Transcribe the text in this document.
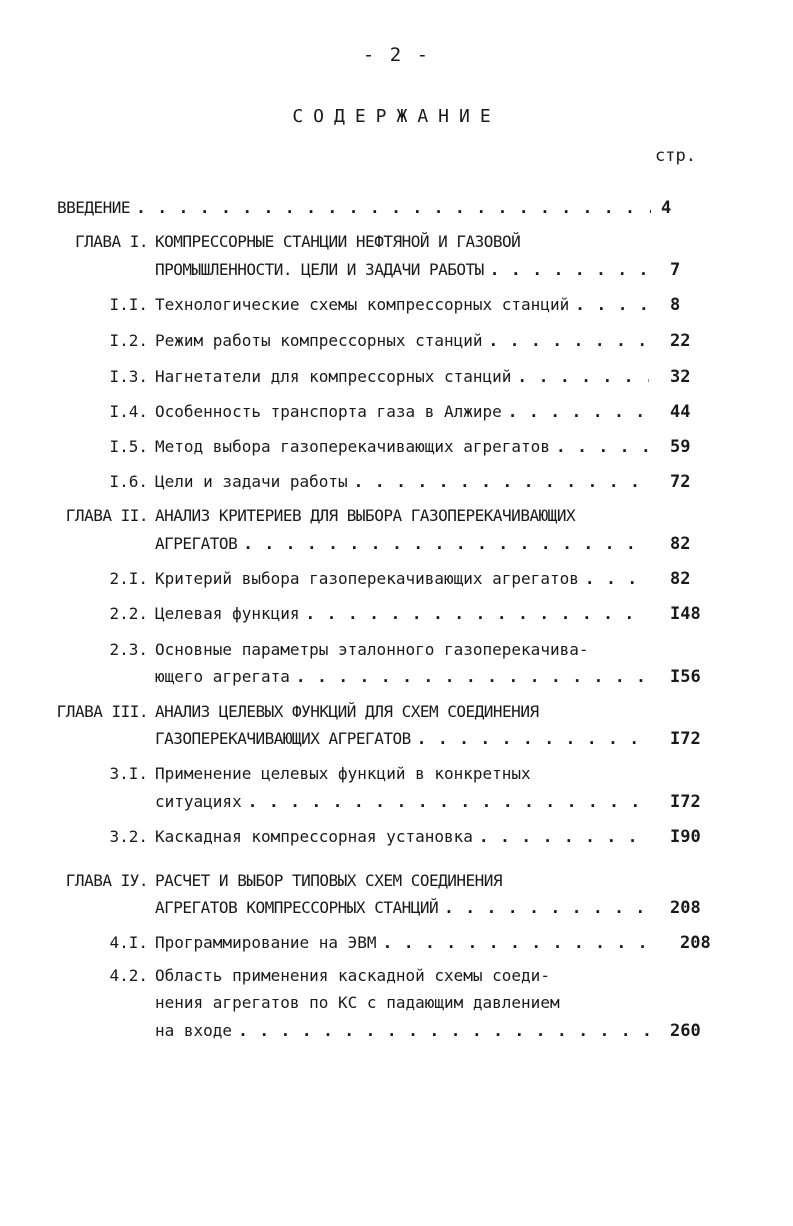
- 2 -
СОДЕРЖАНИЕ
стр.
ВВЕДЕНИЕ . . .	4
ГЛАВА I. КОМПРЕССОРНЫЕ СТАНЦИИ НЕФТЯНОЙ И ГАЗОВОЙ
ПРОМЫШЛЕННОСТИ. ЦЕЛИ И ЗАДАЧИ РАБОТЫ . . .	7
I.I. Технологические схемы компрессорных станций . . .	8
I.2. Режим работы компрессорных станций . . .	22
I.3. Нагнетатели для компрессорных станций . . .	32
I.4. Особенность транспорта газа в Алжире . . .	44
I.5. Метод выбора газоперекачивающих агрегатов . . .	59
I.6. Цели и задачи работы . . .	72
ГЛАВА II. АНАЛИЗ КРИТЕРИЕВ ДЛЯ ВЫБОРА ГАЗОПЕРЕКАЧИВАЮЩИХ
АГРЕГАТОВ . . .	82
2.I. Критерий выбора газоперекачивающих агрегатов . . .	82
2.2. Целевая функция . . .	I48
2.3. Основные параметры эталонного газоперекачива-
ющего агрегата . . .	I56
ГЛАВА III. АНАЛИЗ ЦЕЛЕВЫХ ФУНКЦИЙ ДЛЯ СХЕМ СОЕДИНЕНИЯ
ГАЗОПЕРЕКАЧИВАЮЩИХ АГРЕГАТОВ . . .	I72
3.I. Применение целевых функций в конкретных
ситуациях . . .	I72
3.2. Каскадная компрессорная установка . . .	I90
ГЛАВА IУ. РАСЧЕТ И ВЫБОР ТИПОВЫХ СХЕМ СОЕДИНЕНИЯ
АГРЕГАТОВ КОМПРЕССОРНЫХ СТАНЦИЙ . . .	208
4.I. Программирование на ЭВМ . . .	208
4.2. Область применения каскадной схемы соеди-
нения агрегатов по КС с падающим давлением
на входе . . .	260
